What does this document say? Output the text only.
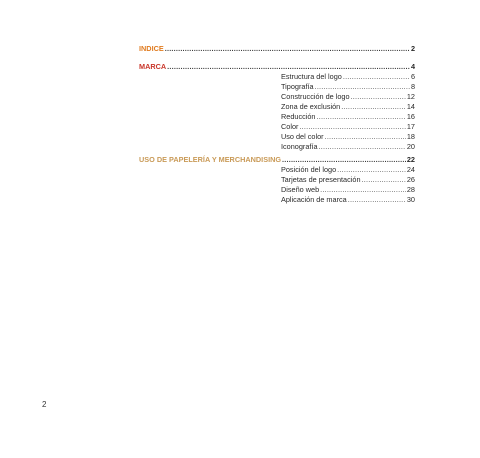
INDICE .....	2
MARCA .....	4
Estructura del logo .....	6
Tipografía .....	8
Construcción de logo .....	12
Zona de exclusión .....	14
Reducción .....	16
Color .....	17
Uso del color .....	18
Iconografía .....	20
USO DE PAPELERÍA Y MERCHANDISING .....	22
Posición del logo .....	24
Tarjetas de presentación .....	26
Diseño web .....	28
Aplicación de marca .....	30
2
